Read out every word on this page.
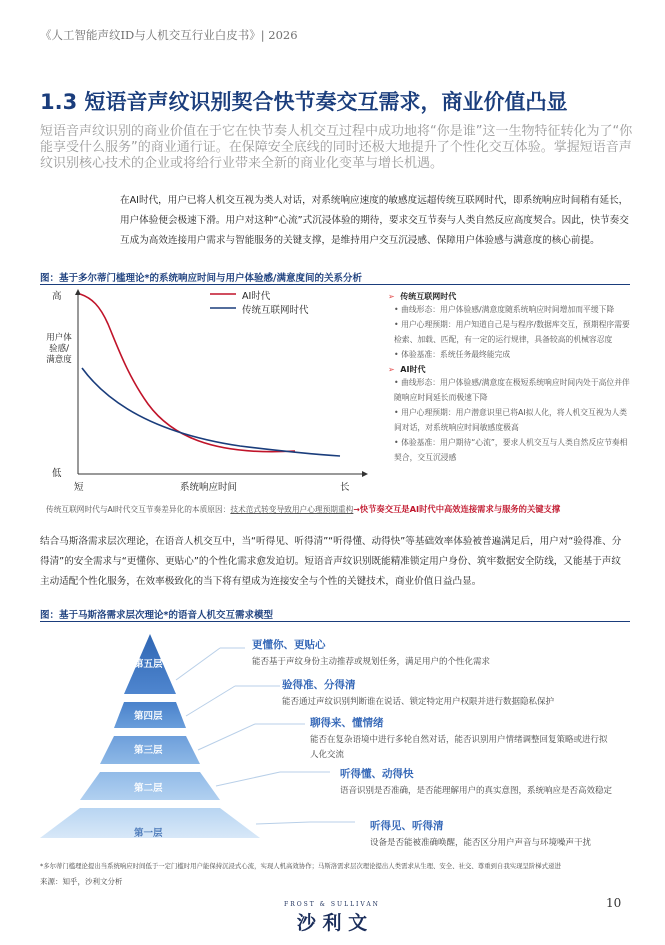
《人工智能声纹ID与人机交互行业白皮书》| 2026
1.3 短语音声纹识别契合快节奏交互需求，商业价值凸显
短语音声纹识别的商业价值在于它在快节奏人机交互过程中成功地将“你是谁”这一生物特征转化为了“你能享受什么服务”的商业通行证。在保障安全底线的同时还极大地提升了个性化交互体验。掌握短语音声纹识别核心技术的企业或将给行业带来全新的商业化变革与增长机遇。
在AI时代，用户已将人机交互视为类人对话，对系统响应速度的敏感度远超传统互联网时代，即系统响应时间稍有延长，用户体验便会极速下滑。用户对这种“心流”式沉浸体验的期待，要求交互节奏与人类自然反应高度契合。因此，快节奏交互成为高效连接用户需求与智能服务的关键支撑，是维持用户交互沉浸感、保障用户体验感与满意度的核心前提。
图：基于多尔蒂门槛理论*的系统响应时间与用户体验感/满意度间的关系分析
高
低
用户体验感/满意度
短	系统响应时间	长
AI时代
传统互联网时代
➢ 传统互联网时代
• 曲线形态：用户体验感/满意度随系统响应时间增加而平缓下降
• 用户心理预期：用户知道自己是与程序/数据库交互，预期程序需要检索、加载、匹配，有一定的运行规律，具备较高的机械容忍度
• 体验基准：系统任务最终能完成
➢ AI时代
• 曲线形态：用户体验感/满意度在极短系统响应时间内处于高位并伴随响应时间延长而极速下降
• 用户心理预期：用户潜意识里已将AI拟人化，将人机交互视为人类间对话，对系统响应时间敏感度极高
• 体验基准：用户期待“心流”，要求人机交互与人类自然反应节奏相契合，交互沉浸感
传统互联网时代与AI时代交互节奏差异化的本质原因：技术范式转变导致用户心理预期重构→快节奏交互是AI时代中高效连接需求与服务的关键支撑
结合马斯洛需求层次理论，在语音人机交互中，当“听得见、听得清”“听得懂、动得快”等基础效率体验被普遍满足后，用户对“验得准、分得清”的安全需求与“更懂你、更贴心”的个性化需求愈发迫切。短语音声纹识别既能精准锁定用户身份、筑牢数据安全防线，又能基于声纹主动适配个性化服务，在效率极致化的当下将有望成为连接安全与个性的关键技术，商业价值日益凸显。
图：基于马斯洛需求层次理论*的语音人机交互需求模型
第五层
第四层
第三层
第二层
第一层
更懂你、更贴心
能否基于声纹身份主动推荐或规划任务，满足用户的个性化需求
验得准、分得清
能否通过声纹识别判断谁在说话、锁定特定用户权限并进行数据隐私保护
聊得来、懂情绪
能否在复杂语境中进行多轮自然对话，能否识别用户情绪调整回复策略或进行拟人化交流
听得懂、动得快
语音识别是否准确，是否能理解用户的真实意图，系统响应是否高效稳定
听得见、听得清
设备是否能被准确唤醒，能否区分用户声音与环境噪声干扰
*多尔蒂门槛理论提出当系统响应时间低于一定门槛时用户能保持沉浸式心流，实现人机高效协作；马斯洛需求层次理论提出人类需求从生理、安全、社交、尊重到自我实现呈阶梯式递进
来源：知乎，沙利文分析
FROST & SULLIVAN
沙 利 文
10
